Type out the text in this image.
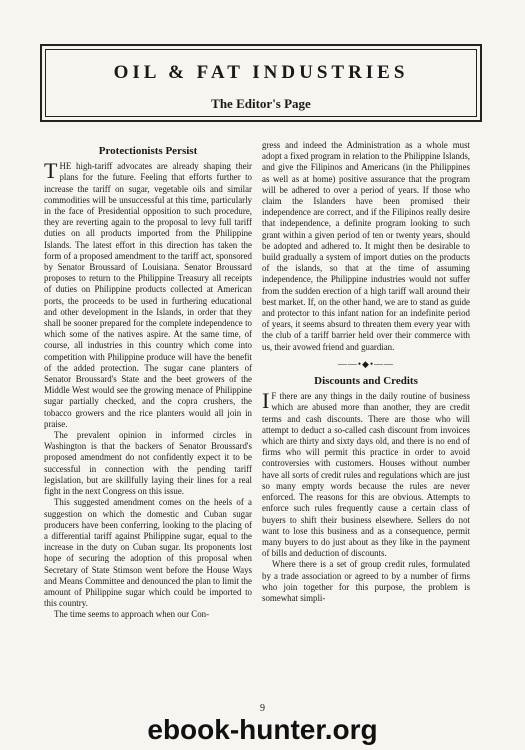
OIL & FAT INDUSTRIES
The Editor's Page
Protectionists Persist

THE high-tariff advocates are already shaping their plans for the future. Feeling that efforts further to increase the tariff on sugar, vegetable oils and similar commodities will be unsuccessful at this time, particularly in the face of Presidential opposition to such procedure, they are reverting again to the proposal to levy full tariff duties on all products imported from the Philippine Islands. The latest effort in this direction has taken the form of a proposed amendment to the tariff act, sponsored by Senator Broussard of Louisiana. Senator Broussard proposes to return to the Philippine Treasury all receipts of duties on Philippine products collected at American ports, the proceeds to be used in furthering educational and other development in the Islands, in order that they shall be sooner prepared for the complete independence to which some of the natives aspire. At the same time, of course, all industries in this country which come into competition with Philippine produce will have the benefit of the added protection. The sugar cane planters of Senator Broussard's State and the beet growers of the Middle West would see the growing menace of Philippine sugar partially checked, and the copra crushers, the tobacco growers and the rice planters would all join in praise.

The prevalent opinion in informed circles in Washington is that the backers of Senator Broussard's proposed amendment do not confidently expect it to be successful in connection with the pending tariff legislation, but are skillfully laying their lines for a real fight in the next Congress on this issue.

This suggested amendment comes on the heels of a suggestion on which the domestic and Cuban sugar producers have been conferring, looking to the placing of a differential tariff against Philippine sugar, equal to the increase in the duty on Cuban sugar. Its proponents lost hope of securing the adoption of this proposal when Secretary of State Stimson went before the House Ways and Means Committee and denounced the plan to limit the amount of Philippine sugar which could be imported to this country.

The time seems to approach when our Con-

gress and indeed the Administration as a whole must adopt a fixed program in relation to the Philippine Islands, and give the Filipinos and Americans (in the Philippines as well as at home) positive assurance that the program will be adhered to over a period of years. If those who claim the Islanders have been promised their independence are correct, and if the Filipinos really desire that independence, a definite program looking to such grant within a given period of ten or twenty years, should be adopted and adhered to. It might then be desirable to build gradually a system of import duties on the products of the islands, so that at the time of assuming independence, the Philippine industries would not suffer from the sudden erection of a high tariff wall around their best market. If, on the other hand, we are to stand as guide and protector to this infant nation for an indefinite period of years, it seems absurd to threaten them every year with the club of a tariff barrier held over their commerce with us, their avowed friend and guardian.

——•◆•——
Discounts and Credits

IF there are any things in the daily routine of business which are abused more than another, they are credit terms and cash discounts. There are those who will attempt to deduct a so-called cash discount from invoices which are thirty and sixty days old, and there is no end of firms who will permit this practice in order to avoid controversies with customers. Houses without number have all sorts of credit rules and regulations which are just so many empty words because the rules are never enforced. The reasons for this are obvious. Attempts to enforce such rules frequently cause a certain class of buyers to shift their business elsewhere. Sellers do not want to lose this business and as a consequence, permit many buyers to do just about as they like in the payment of bills and deduction of discounts.

Where there is a set of group credit rules, formulated by a trade association or agreed to by a number of firms who join together for this purpose, the problem is somewhat simpli-

9
ebook-hunter.org
